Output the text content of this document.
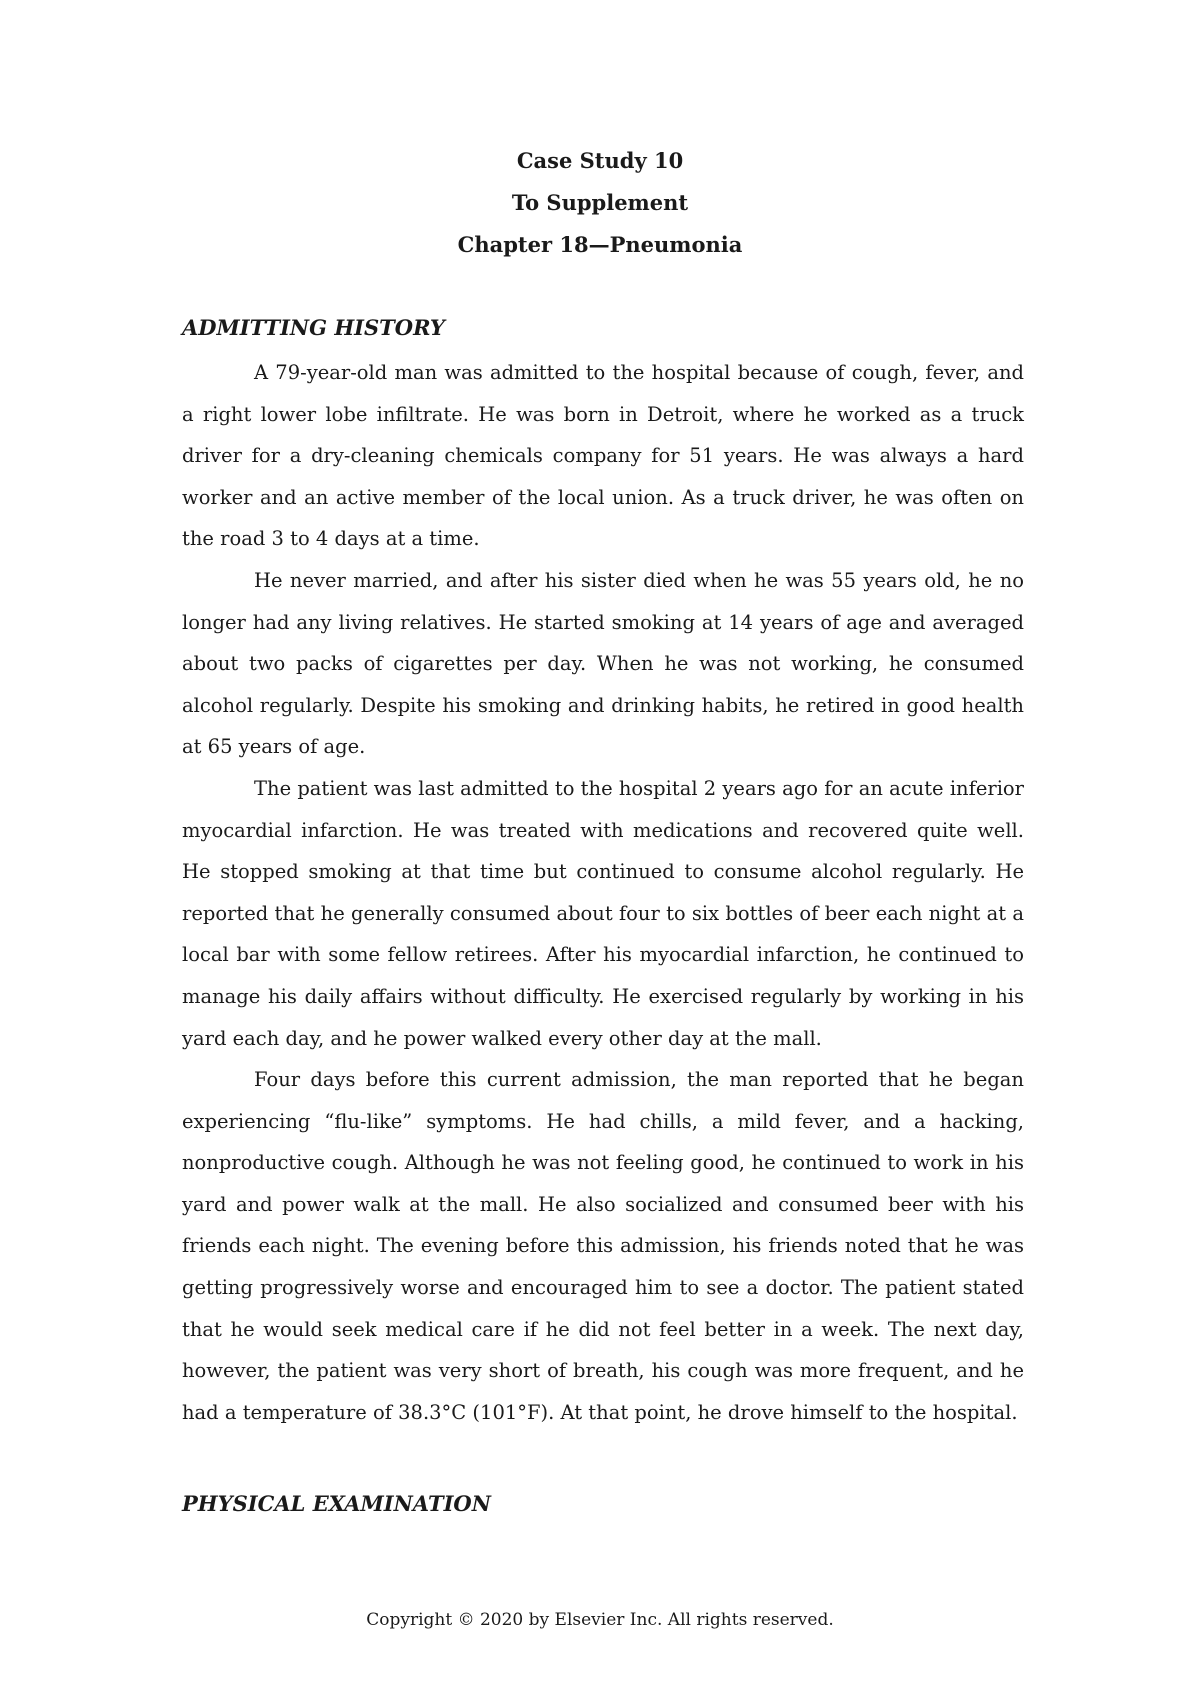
Case Study 10
To Supplement
Chapter 18—Pneumonia
ADMITTING HISTORY

A 79-year-old man was admitted to the hospital because of cough, fever, and a right lower lobe infiltrate. He was born in Detroit, where he worked as a truck driver for a dry-cleaning chemicals company for 51 years. He was always a hard worker and an active member of the local union. As a truck driver, he was often on the road 3 to 4 days at a time.

He never married, and after his sister died when he was 55 years old, he no longer had any living relatives. He started smoking at 14 years of age and averaged about two packs of cigarettes per day. When he was not working, he consumed alcohol regularly. Despite his smoking and drinking habits, he retired in good health at 65 years of age.

The patient was last admitted to the hospital 2 years ago for an acute inferior myocardial infarction. He was treated with medications and recovered quite well. He stopped smoking at that time but continued to consume alcohol regularly. He reported that he generally consumed about four to six bottles of beer each night at a local bar with some fellow retirees. After his myocardial infarction, he continued to manage his daily affairs without difficulty. He exercised regularly by working in his yard each day, and he power walked every other day at the mall.

Four days before this current admission, the man reported that he began experiencing “flu-like” symptoms. He had chills, a mild fever, and a hacking, nonproductive cough. Although he was not feeling good, he continued to work in his yard and power walk at the mall. He also socialized and consumed beer with his friends each night. The evening before this admission, his friends noted that he was getting progressively worse and encouraged him to see a doctor. The patient stated that he would seek medical care if he did not feel better in a week. The next day, however, the patient was very short of breath, his cough was more frequent, and he had a temperature of 38.3°C (101°F). At that point, he drove himself to the hospital.

PHYSICAL EXAMINATION
Copyright © 2020 by Elsevier Inc. All rights reserved.
